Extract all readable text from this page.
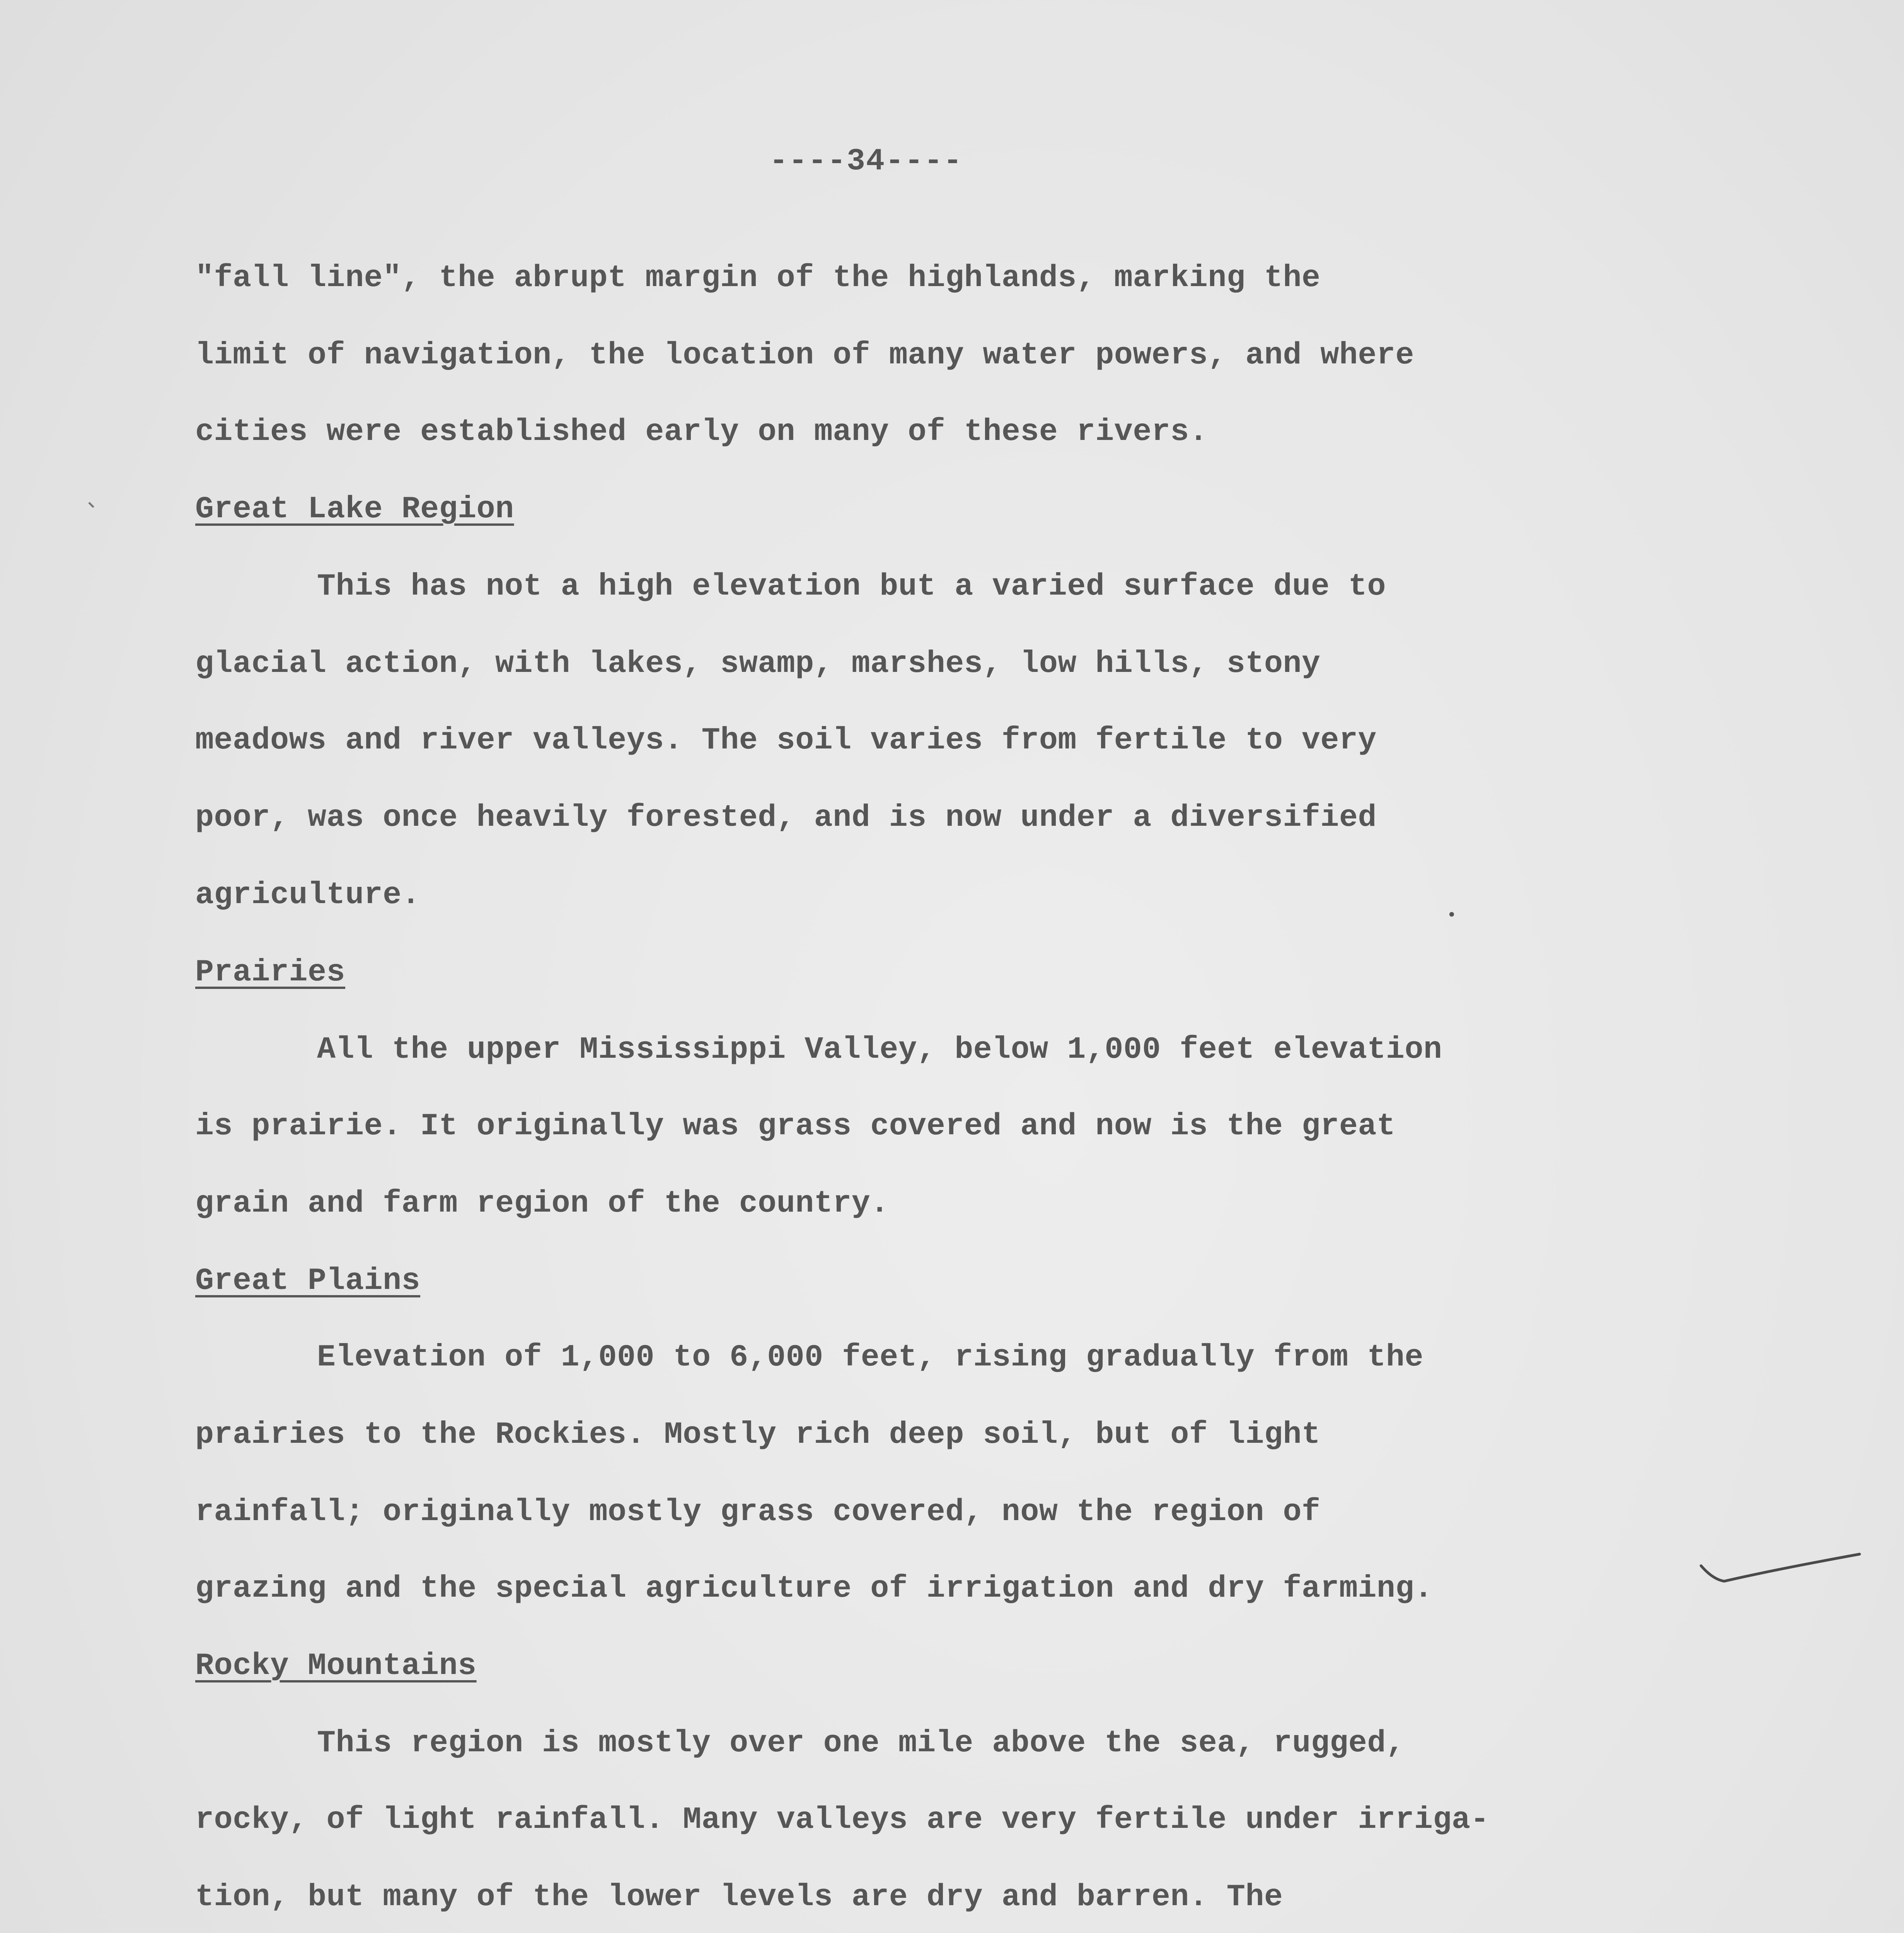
----34----
"fall line", the abrupt margin of the highlands, marking the
limit of navigation, the location of many water powers, and where
cities were established early on many of these rivers.
Great Lake Region
This has not a high elevation but a varied surface due to
glacial action, with lakes, swamp, marshes, low hills, stony
meadows and river valleys. The soil varies from fertile to very
poor, was once heavily forested, and is now under a diversified
agriculture.
Prairies
All the upper Mississippi Valley, below 1,000 feet elevation
is prairie. It originally was grass covered and now is the great
grain and farm region of the country.
Great Plains
Elevation of 1,000 to 6,000 feet, rising gradually from the
prairies to the Rockies. Mostly rich deep soil, but of light
rainfall; originally mostly grass covered, now the region of
grazing and the special agriculture of irrigation and dry farming.
Rocky Mountains
This region is mostly over one mile above the sea, rugged,
rocky, of light rainfall. Many valleys are very fertile under irriga-
tion, but many of the lower levels are dry and barren. The
